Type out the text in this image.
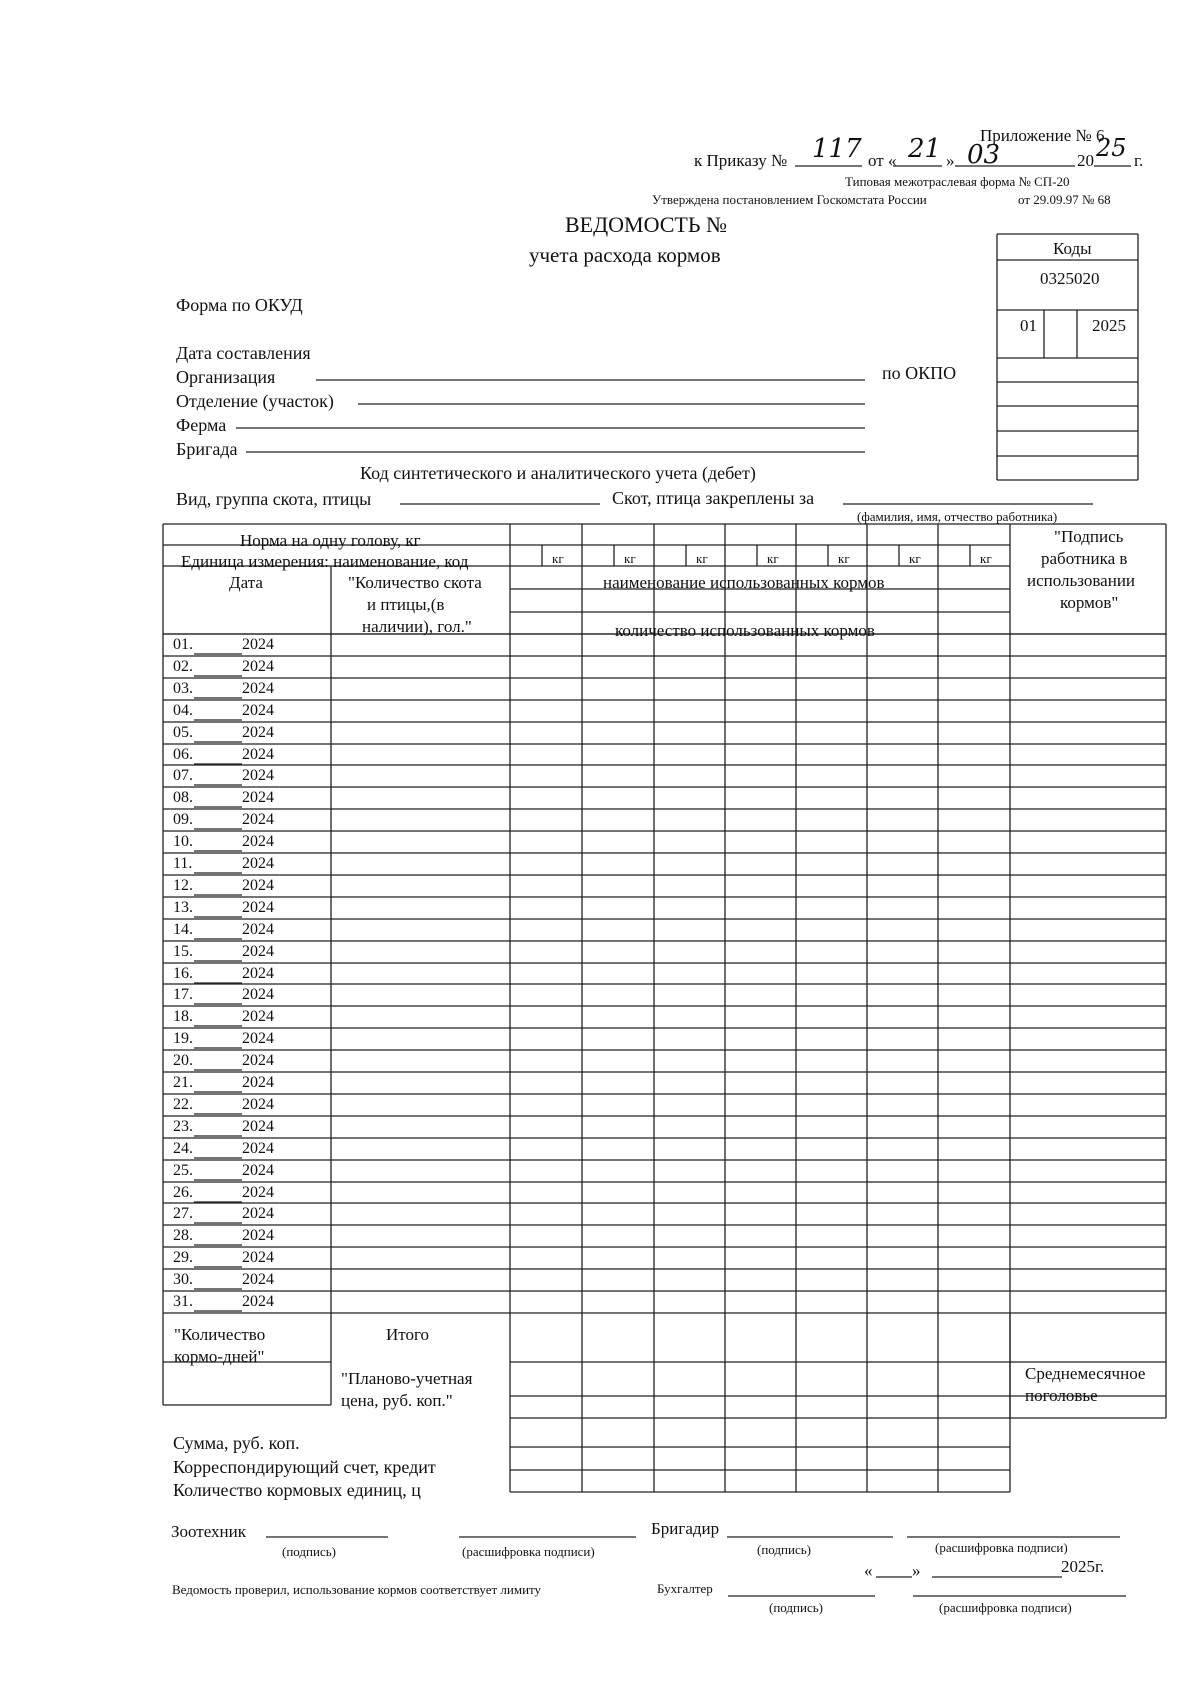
Приложение № 6
к Приказу № 117 от « 21 » 03	20 25 г.
Типовая межотраслевая форма № СП-20
Утверждена постановлением Госкомстата России	от 29.09.97 № 68
ВЕДОМОСТЬ №
учета расхода кормов	Коды
0325020
01	2025
Форма по ОКУД
Дата составления
Организация	по ОКПО
Отделение (участок)
Ферма
Бригада
Код синтетического и аналитического учета (дебет)
Вид, группа скота, птицы	Скот, птица закреплены за
(фамилия, имя, отчество работника)
Норма на одну голову, кг
Единица измерения: наименование, код	кг	кг	кг	кг	кг	кг	кг
Дата	"Количество скота
и птицы,(в
наличии), гол."
наименование использованных кормов
количество использованных кормов
"Подпись
работника в
использовании
кормов"
01.	2024
02.	2024
03.	2024
04.	2024
05.	2024
06.	2024
07.	2024
08.	2024
09.	2024
10.	2024
11.	2024
12.	2024
13.	2024
14.	2024
15.	2024
16.	2024
17.	2024
18.	2024
19.	2024
20.	2024
21.	2024
22.	2024
23.	2024
24.	2024
25.	2024
26.	2024
27.	2024
28.	2024
29.	2024
30.	2024
31.	2024
"Количество
кормо-дней"
Итого
"Планово-учетная
цена, руб. коп."
Среднемесячное
поголовье
Сумма, руб. коп.
Корреспондирующий счет, кредит
Количество кормовых единиц, ц
Зоотехник
(подпись)	(расшифровка подписи)
Бригадир
(подпись)	(расшифровка подписи)
« »	2025г.
Ведомость проверил, использование кормов соответствует лимиту	Бухгалтер
(подпись)	(расшифровка подписи)
